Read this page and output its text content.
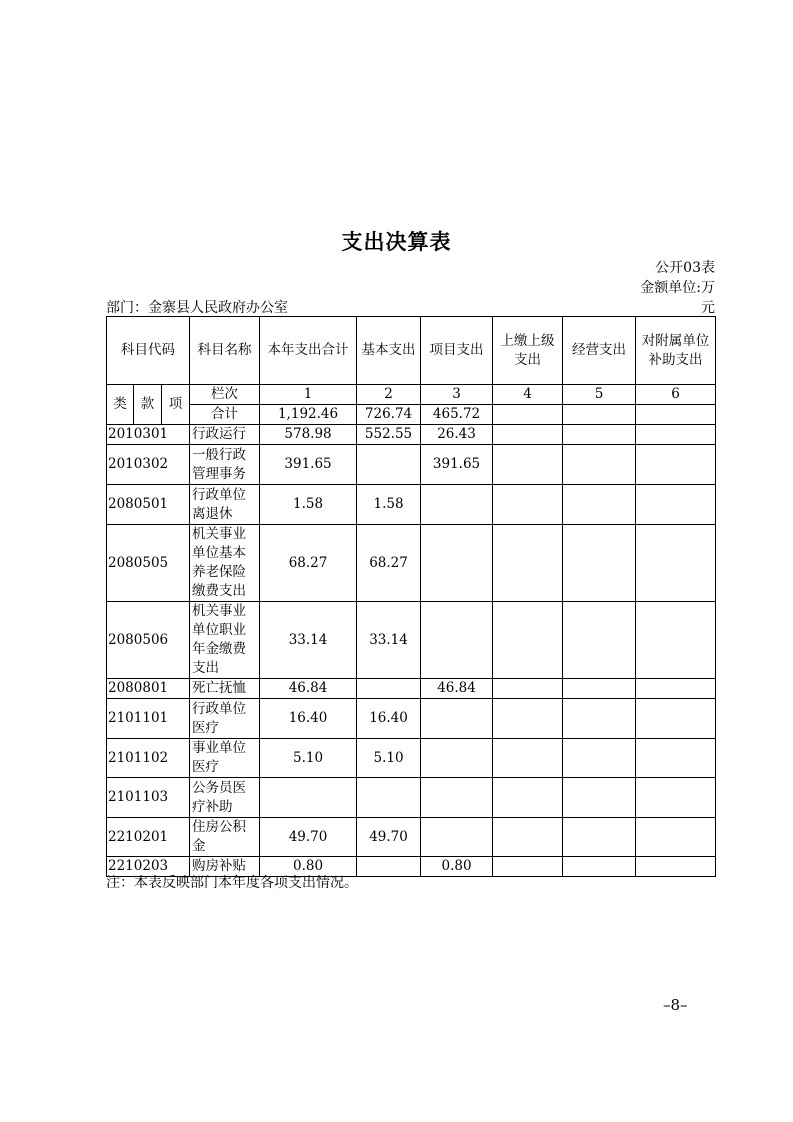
支出决算表
公开03表
金额单位:万
元
部门：金寨县人民政府办公室
科目代码			科目名称	本年支出合计	基本支出	项目支出	上缴上级支出	经营支出	对附属单位补助支出
类	款	项	栏次	1	2	3	4	5	6
			合计	1,192.46	726.74	465.72			
2010301			行政运行	578.98	552.55	26.43			
2010302			一般行政管理事务	391.65		391.65			
2080501			行政单位离退休	1.58	1.58				
2080505			机关事业单位基本养老保险缴费支出	68.27	68.27				
2080506			机关事业单位职业年金缴费支出	33.14	33.14				
2080801			死亡抚恤	46.84		46.84			
2101101			行政单位医疗	16.40	16.40				
2101102			事业单位医疗	5.10	5.10				
2101103			公务员医疗补助						
2210201			住房公积金	49.70	49.70				
2210203			购房补贴	0.80		0.80			
注：本表反映部门本年度各项支出情况。
–8–
